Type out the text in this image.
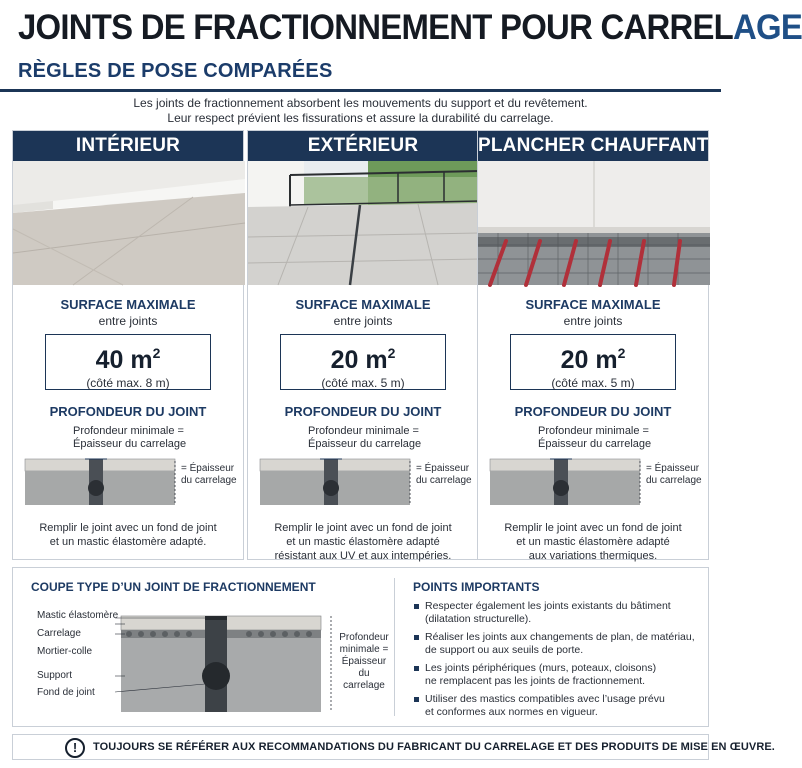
JOINTS DE FRACTIONNEMENT POUR CARRELAGE
RÈGLES DE POSE COMPARÉES
Les joints de fractionnement absorbent les mouvements du support et du revêtement.
Leur respect prévient les fissurations et assure la durabilité du carrelage.
INTÉRIEUR
SURFACE MAXIMALE
entre joints
40 $m^2$
(côté max. 8 m)
PROFONDEUR DU JOINT
Profondeur minimale =
Épaisseur du carrelage
= Épaisseur
du carrelage
Remplir le joint avec un fond de joint
et un mastic élastomère adapté.
EXTÉRIEUR
SURFACE MAXIMALE
entre joints
20 $m^2$
(côté max. 5 m)
PROFONDEUR DU JOINT
Profondeur minimale =
Épaisseur du carrelage
= Épaisseur
du carrelage
Remplir le joint avec un fond de joint
et un mastic élastomère adapté
résistant aux UV et aux intempéries.
PLANCHER CHAUFFANT
SURFACE MAXIMALE
entre joints
20 $m^2$
(côté max. 5 m)
PROFONDEUR DU JOINT
Profondeur minimale =
Épaisseur du carrelage
= Épaisseur
du carrelage
Remplir le joint avec un fond de joint
et un mastic élastomère adapté
aux variations thermiques.
COUPE TYPE D’UN JOINT DE FRACTIONNEMENT
Mastic élastomère
Carrelage
Mortier-colle
Support
Fond de joint
Profondeur
minimale =
Épaisseur du
carrelage
POINTS IMPORTANTS
Respecter également les joints existants du bâtiment
(dilatation structurelle).
Réaliser les joints aux changements de plan, de matériau,
de support ou aux seuils de porte.
Les joints périphériques (murs, poteaux, cloisons)
ne remplacent pas les joints de fractionnement.
Utiliser des mastics compatibles avec l’usage prévu
et conformes aux normes en vigueur.
!	TOUJOURS SE RÉFÉRER AUX RECOMMANDATIONS DU FABRICANT DU CARRELAGE ET DES PRODUITS DE MISE EN ŒUVRE.
